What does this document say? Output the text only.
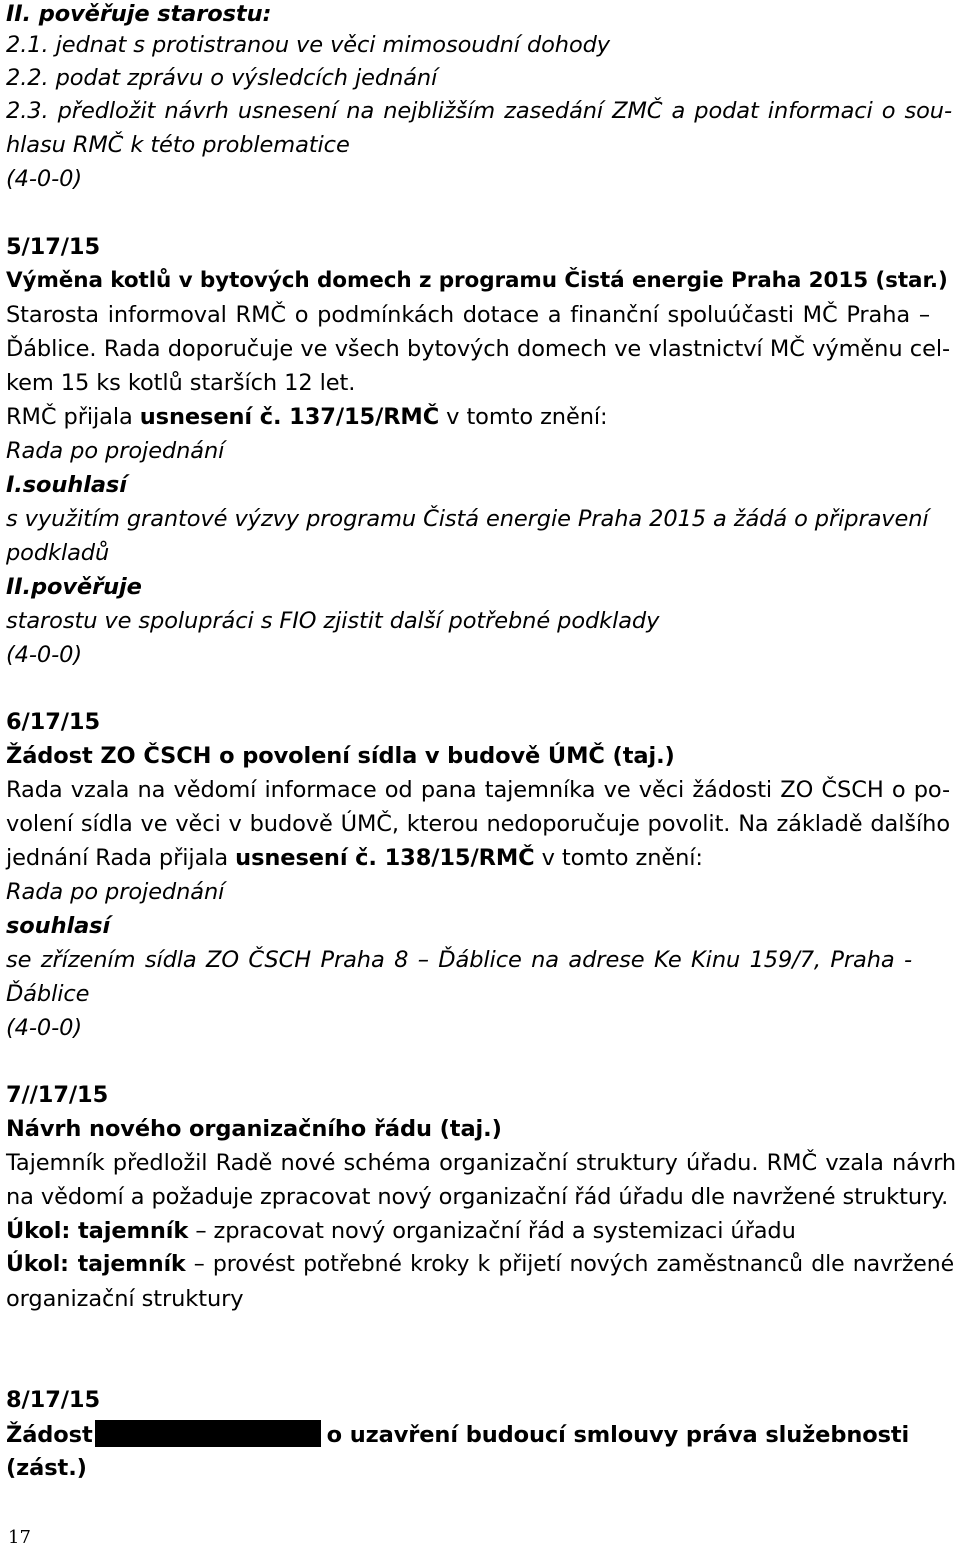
II. pověřuje starostu:
2.1. jednat s protistranou ve věci mimosoudní dohody
2.2. podat zprávu o výsledcích jednání
2.3. předložit návrh usnesení na nejbližším zasedání ZMČ a podat informaci o sou-
hlasu RMČ k této problematice
(4-0-0)
5/17/15
Výměna kotlů v bytových domech z programu Čistá energie Praha 2015 (star.)
Starosta informoval RMČ o podmínkách dotace a finanční spoluúčasti MČ Praha –
Ďáblice. Rada doporučuje ve všech bytových domech ve vlastnictví MČ výměnu cel-
kem 15 ks kotlů starších 12 let.
RMČ přijala usnesení č. 137/15/RMČ v tomto znění:
Rada po projednání
I.souhlasí
s využitím grantové výzvy programu Čistá energie Praha 2015 a žádá o připravení
podkladů
II.pověřuje
starostu ve spolupráci s FIO zjistit další potřebné podklady
(4-0-0)
6/17/15
Žádost ZO ČSCH o povolení sídla v budově ÚMČ (taj.)
Rada vzala na vědomí informace od pana tajemníka ve věci žádosti ZO ČSCH o po-
volení sídla ve věci v budově ÚMČ, kterou nedoporučuje povolit. Na základě dalšího
jednání Rada přijala usnesení č. 138/15/RMČ v tomto znění:
Rada po projednání
souhlasí
se zřízením sídla ZO ČSCH Praha 8 – Ďáblice na adrese Ke Kinu 159/7, Praha -
Ďáblice
(4-0-0)
7//17/15
Návrh nového organizačního řádu (taj.)
Tajemník předložil Radě nové schéma organizační struktury úřadu. RMČ vzala návrh
na vědomí a požaduje zpracovat nový organizační řád úřadu dle navržené struktury.
Úkol: tajemník – zpracovat nový organizační řád a systemizaci úřadu
Úkol: tajemník – provést potřebné kroky k přijetí nových zaměstnanců dle navržené
organizační struktury
8/17/15
Žádost	o uzavření budoucí smlouvy práva služebnosti
(zást.)
17
